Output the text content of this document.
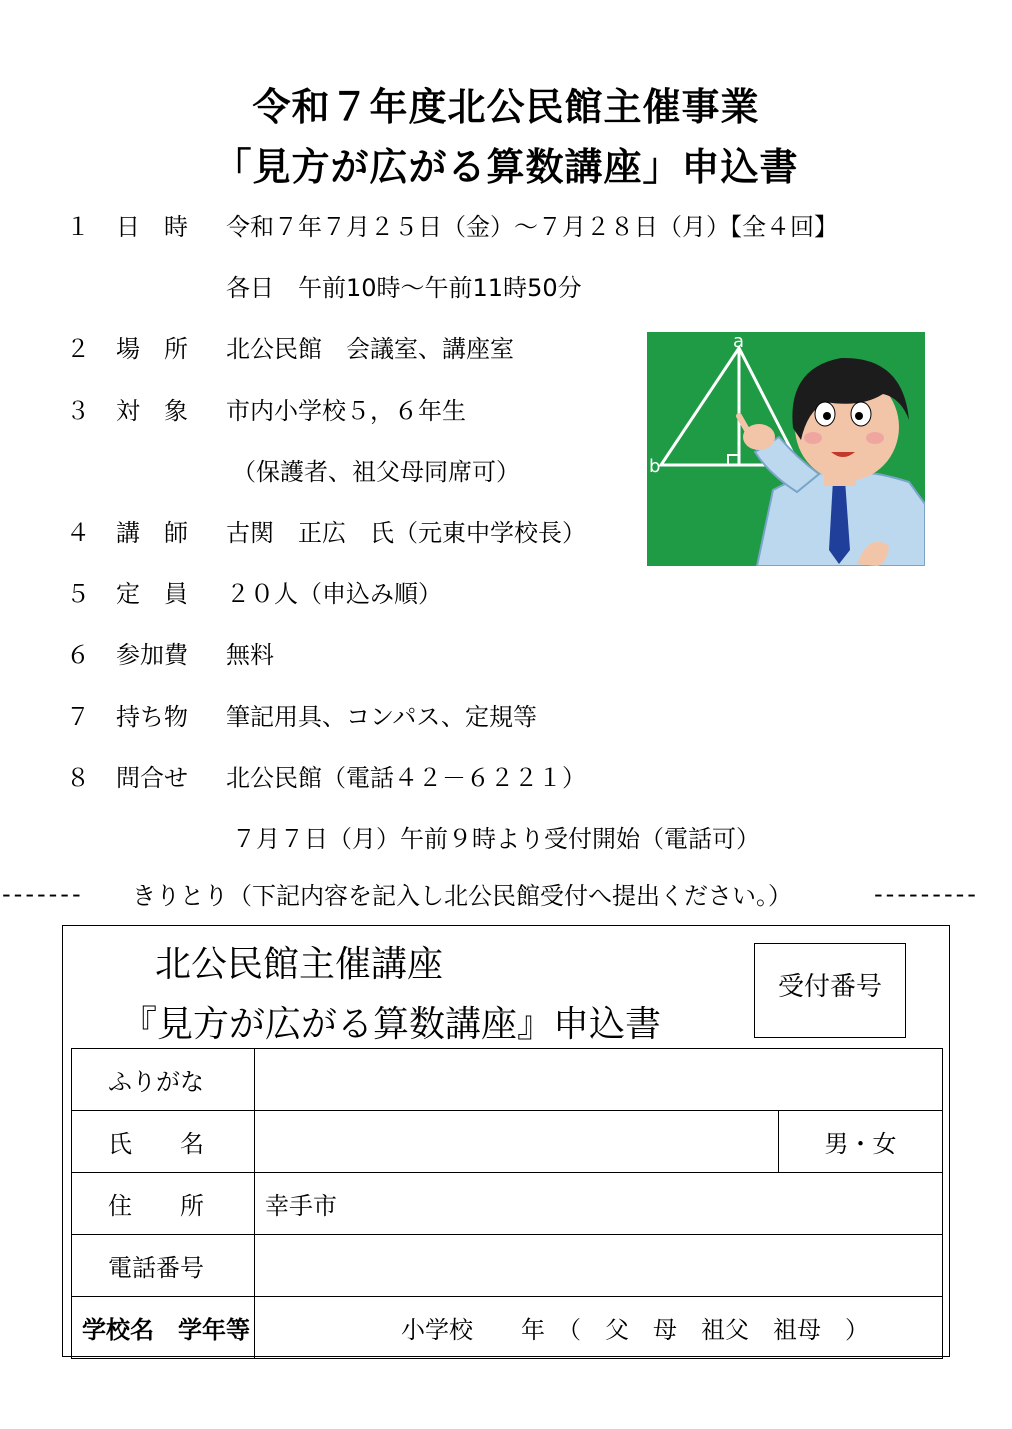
令和７年度北公民館主催事業
「見方が広がる算数講座」申込書
１ 日　時 令和７年７月２５日（金）～７月２８日（月）【全４回】
各日　午前10時～午前11時50分
２ 場　所 北公民館　会議室、講座室
３ 対　象 市内小学校５，６年生
（保護者、祖父母同席可）
４ 講　師 古関　正広　氏（元東中学校長）
５ 定　員 ２０人（申込み順）
６ 参加費 無料
７ 持ち物 筆記用具、コンパス、定規等
８ 問合せ 北公民館（電話４２－６２２１）
７月７日（月）午前９時より受付開始（電話可）
a
b
------- きりとり（下記内容を記入し北公民館受付へ提出ください。）	---------
北公民館主催講座
『見方が広がる算数講座』申込書
受付番号
ふりがな		
氏　　名		男・女
住　　所	幸手市	
電話番号		
学校名　学年等	小学校　　年　（　父　母　祖父　祖母　）	
